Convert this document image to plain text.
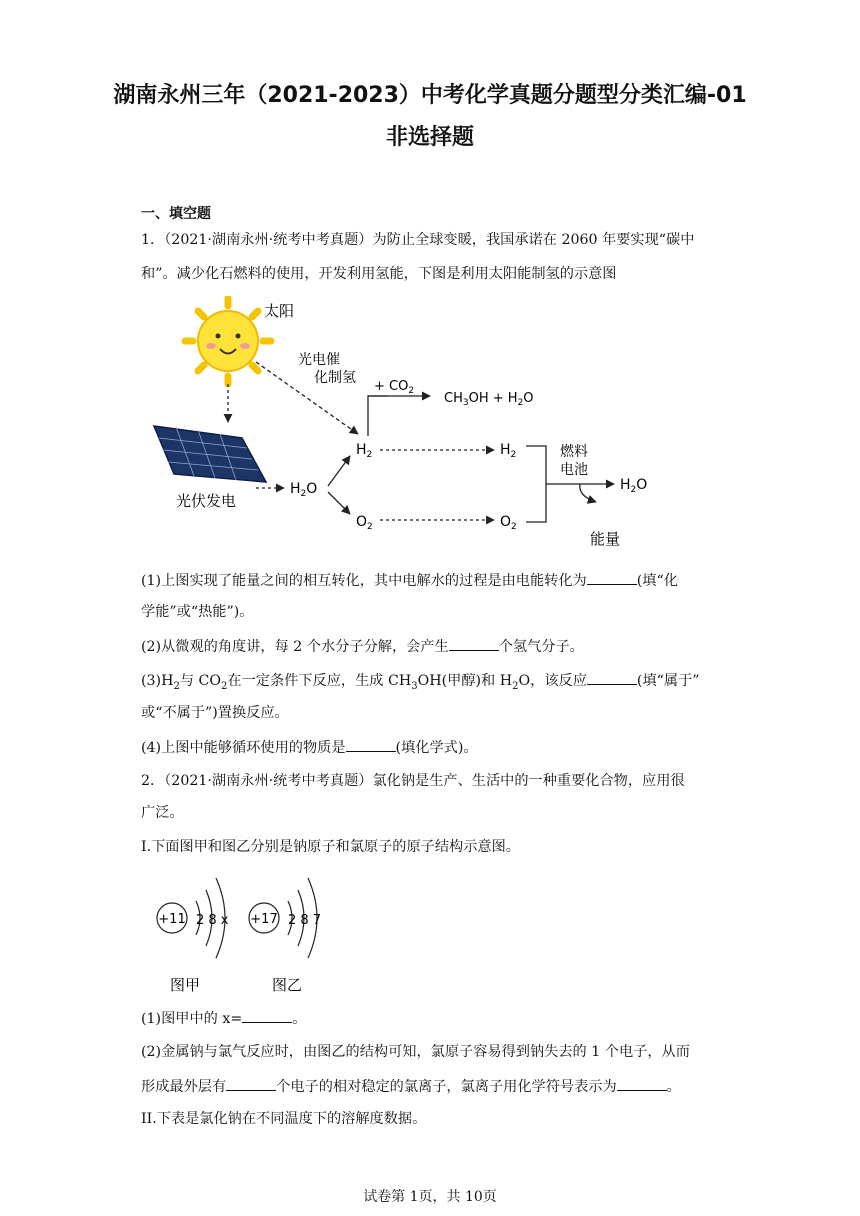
湖南永州三年（2021-2023）中考化学真题分题型分类汇编-01
非选择题
一、填空题
1．（2021·湖南永州·统考中考真题）为防止全球变暖，我国承诺在 2060 年要实现“碳中
和”。减少化石燃料的使用，开发利用氢能，下图是利用太阳能制氢的示意图
太阳
光电催
化制氢
光伏发电
$H_2O$
$H_2$
$O_2$
+ $CO_2$ $CH_3OH + H_2O$
$H_2$
$O_2$
燃料
电池
$H_2O$
能量
(1)上图实现了能量之间的相互转化，其中电解水的过程是由电能转化为	(填“化
学能”或“热能”)。
(2)从微观的角度讲，每 2 个水分子分解，会产生	个氢气分子。
$(3)H_2$与 $CO_2$在一定条件下反应，生成 $CH_3OH$(甲醇)和 $H_2O$，该反应	(填“属于”
或“不属于”)置换反应。
(4)上图中能够循环使用的物质是	(填化学式)。
2．（2021·湖南永州·统考中考真题）氯化钠是生产、生活中的一种重要化合物，应用很
广泛。
I.下面图甲和图乙分别是钠原子和氯原子的原子结构示意图。
+11 2 8 x +17 2 8 7
图甲	图乙
(1)图甲中的 x=	。
(2)金属钠与氯气反应时，由图乙的结构可知，氯原子容易得到钠失去的 1 个电子，从而
形成最外层有	个电子的相对稳定的氯离子，氯离子用化学符号表示为	。
II.下表是氯化钠在不同温度下的溶解度数据。
试卷第 1页，共 10页
